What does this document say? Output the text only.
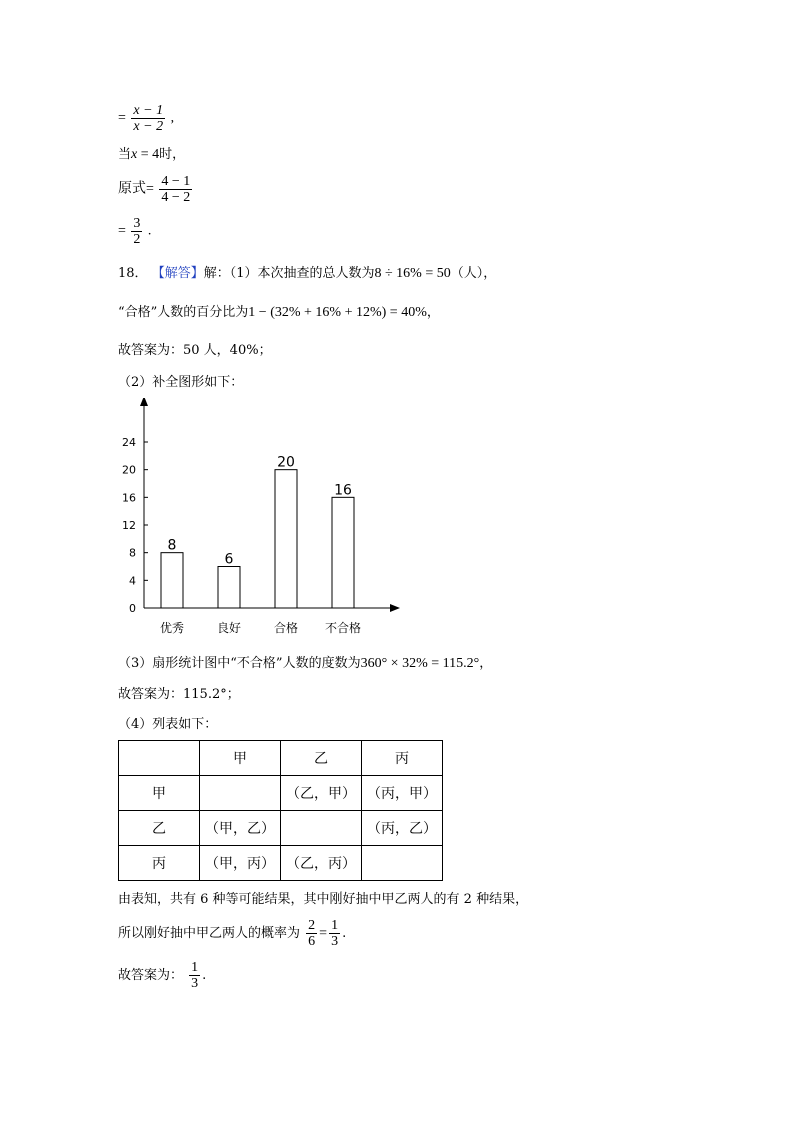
= $\frac{x - 1}{x - 2}$ ,
当x = 4时，
原式= $\frac{4 - 1}{4 - 2}$
= $\frac{3}{2}$ .
18． 【解答】解：（1）本次抽查的总人数为8 ÷ 16% = 50（人），
“合格”人数的百分比为1 − (32% + 16% + 12%) = 40%，
故答案为：50 人，40%；
（2）补全图形如下：
0
4
8
12
16
20
24
8
优秀
6
良好
20
合格
16
不合格
（3）扇形统计图中“不合格”人数的度数为360° × 32% = 115.2°，
故答案为：115.2°；
（4）列表如下：
	甲	乙	丙
甲		（乙，甲）	（丙，甲）
乙	（甲，乙）		（丙，乙）
丙	（甲，丙）	（乙，丙）	
由表知，共有 6 种等可能结果，其中刚好抽中甲乙两人的有 2 种结果，
所以刚好抽中甲乙两人的概率为 $\frac{2}{6} = \frac{1}{3}$ .
故答案为： $\frac{1}{3}$ .
